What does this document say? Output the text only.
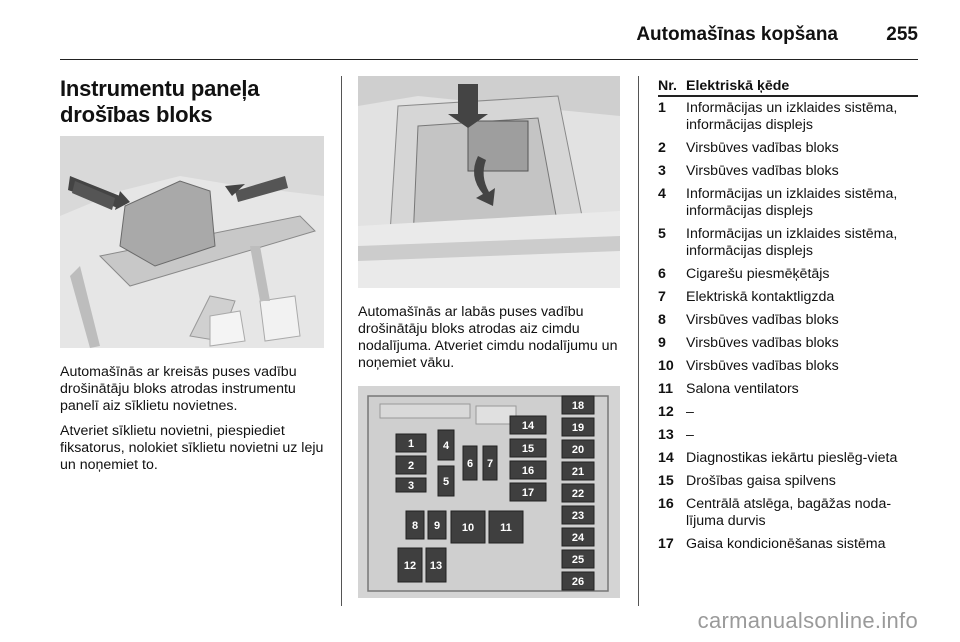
Automašīnas kopšana	255
Instrumentu paneļa
drošības bloks

Automašīnās ar kreisās puses vadību drošinātāju bloks atrodas instrumentu panelī aiz sīklietu novietnes.

Atveriet sīklietu novietni, piespiediet fiksatorus, nolokiet sīklietu novietni uz leju un noņemiet to.

Automašīnās ar labās puses vadību drošinātāju bloks atrodas aiz cimdu nodalījuma. Atveriet cimdu nodalījumu un noņemiet vāku.

1
2
3
4
5
6 7
8 9 10 11
12 13
14
15
16
17
18
19
20
21
22
23
24
25
26
Nr.	Elektriskā ķēde
1	Informācijas un izklaides sistēma, informācijas displejs
2	Virsbūves vadības bloks
3	Virsbūves vadības bloks
4	Informācijas un izklaides sistēma, informācijas displejs
5	Informācijas un izklaides sistēma, informācijas displejs
6	Cigarešu piesmēķētājs
7	Elektriskā kontaktligzda
8	Virsbūves vadības bloks
9	Virsbūves vadības bloks
10	Virsbūves vadības bloks
11	Salona ventilators
12	–
13	–
14	Diagnostikas iekārtu pieslēg-vieta
15	Drošības gaisa spilvens
16	Centrālā atslēga, bagāžas noda-lījuma durvis
17	Gaisa kondicionēšanas sistēma
carmanualsonline.info
